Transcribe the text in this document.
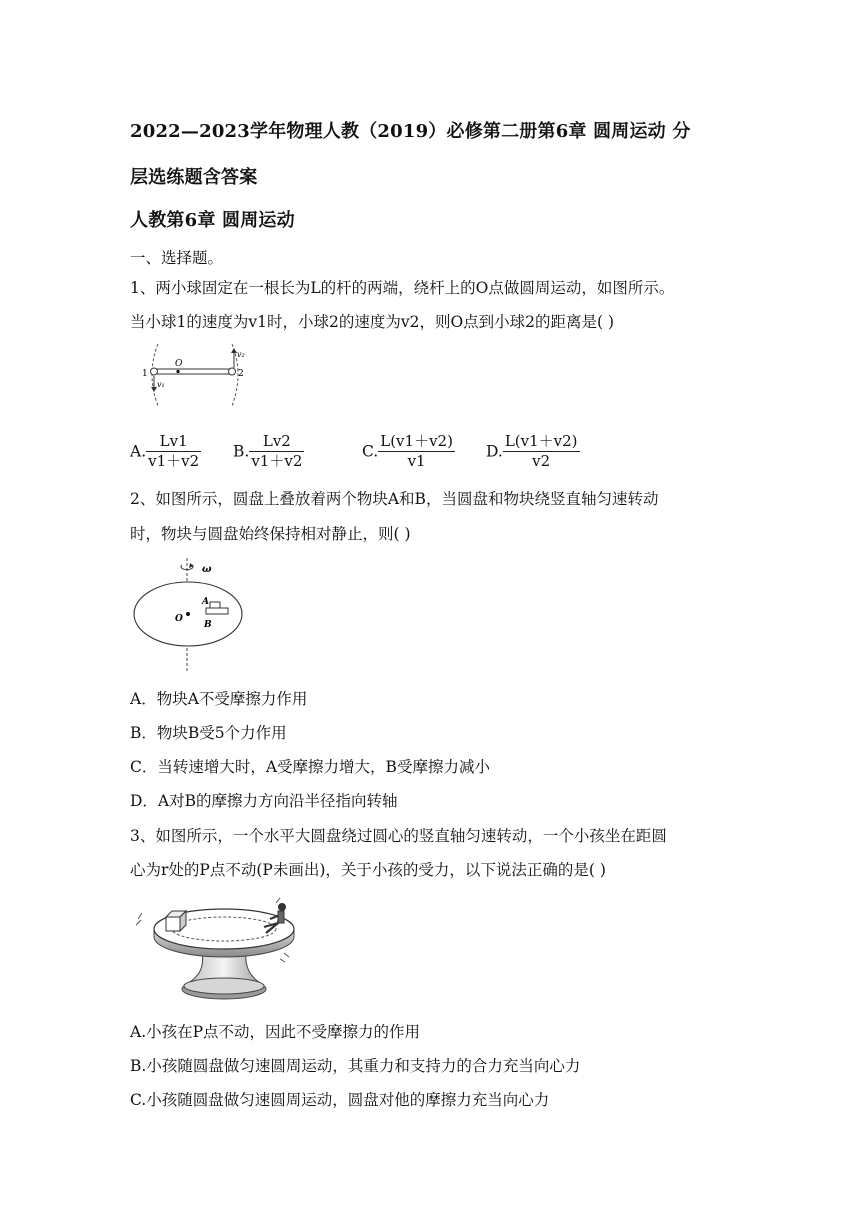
2022—2023学年物理人教（2019）必修第二册第6章 圆周运动 分
层选练题含答案
人教第6章 圆周运动
一、选择题。
1、两小球固定在一根长为L的杆的两端，绕杆上的O点做圆周运动，如图所示。
当小球1的速度为v1时，小球2的速度为v2，则O点到小球2的距离是( )
1	2
O
v₁
v₂
A. $\frac{Lv1}{v1+v2} B$. $\frac{Lv2}{v1+v2}$	C. $\frac{L(v1+v2)}{v1} D$. $\frac{L(v1+v2)}{v2}$
2、如图所示，圆盘上叠放着两个物块A和B，当圆盘和物块绕竖直轴匀速转动
时，物块与圆盘始终保持相对静止，则( )
ω
O
A
B
A．物块A不受摩擦力作用
B．物块B受5个力作用
C．当转速增大时，A受摩擦力增大，B受摩擦力减小
D．A对B的摩擦力方向沿半径指向转轴
3、如图所示，一个水平大圆盘绕过圆心的竖直轴匀速转动，一个小孩坐在距圆
心为r处的P点不动(P未画出)，关于小孩的受力，以下说法正确的是( )
A.小孩在P点不动，因此不受摩擦力的作用
B.小孩随圆盘做匀速圆周运动，其重力和支持力的合力充当向心力
C.小孩随圆盘做匀速圆周运动，圆盘对他的摩擦力充当向心力
